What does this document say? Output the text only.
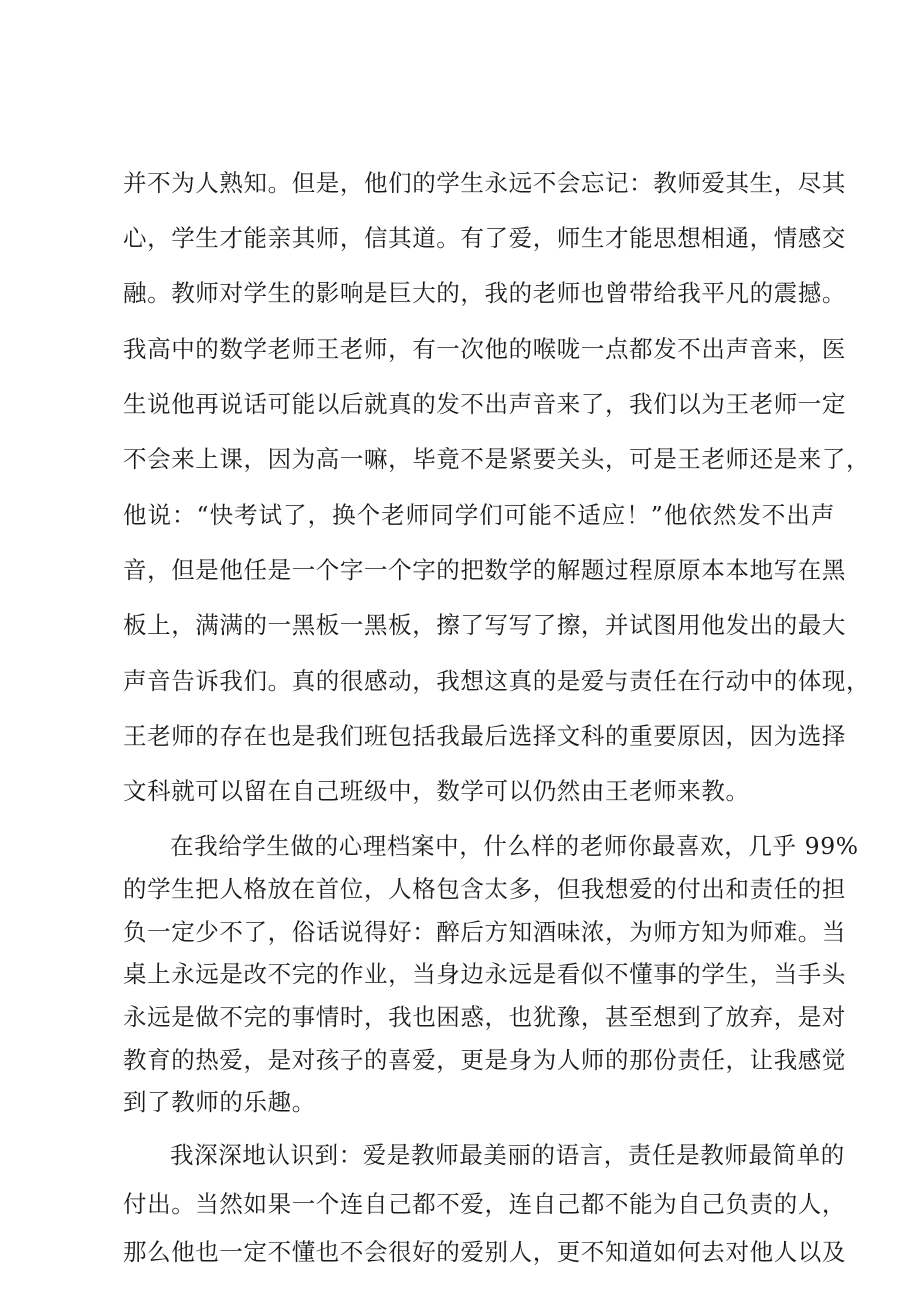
并不为人熟知。但是，他们的学生永远不会忘记：教师爱其生，尽其
心，学生才能亲其师，信其道。有了爱，师生才能思想相通，情感交
融。教师对学生的影响是巨大的，我的老师也曾带给我平凡的震撼。
我高中的数学老师王老师，有一次他的喉咙一点都发不出声音来，医
生说他再说话可能以后就真的发不出声音来了，我们以为王老师一定
不会来上课，因为高一嘛，毕竟不是紧要关头，可是王老师还是来了，
他说：“快考试了，换个老师同学们可能不适应！”他依然发不出声
音，但是他任是一个字一个字的把数学的解题过程原原本本地写在黑
板上，满满的一黑板一黑板，擦了写写了擦，并试图用他发出的最大
声音告诉我们。真的很感动，我想这真的是爱与责任在行动中的体现，
王老师的存在也是我们班包括我最后选择文科的重要原因，因为选择
文科就可以留在自己班级中，数学可以仍然由王老师来教。
在我给学生做的心理档案中，什么样的老师你最喜欢，几乎 99%
的学生把人格放在首位，人格包含太多，但我想爱的付出和责任的担
负一定少不了，俗话说得好：醉后方知酒味浓，为师方知为师难。当
桌上永远是改不完的作业，当身边永远是看似不懂事的学生，当手头
永远是做不完的事情时，我也困惑，也犹豫，甚至想到了放弃，是对
教育的热爱，是对孩子的喜爱，更是身为人师的那份责任，让我感觉
到了教师的乐趣。
我深深地认识到：爱是教师最美丽的语言，责任是教师最简单的
付出。当然如果一个连自己都不爱，连自己都不能为自己负责的人，
那么他也一定不懂也不会很好的爱别人，更不知道如何去对他人以及
